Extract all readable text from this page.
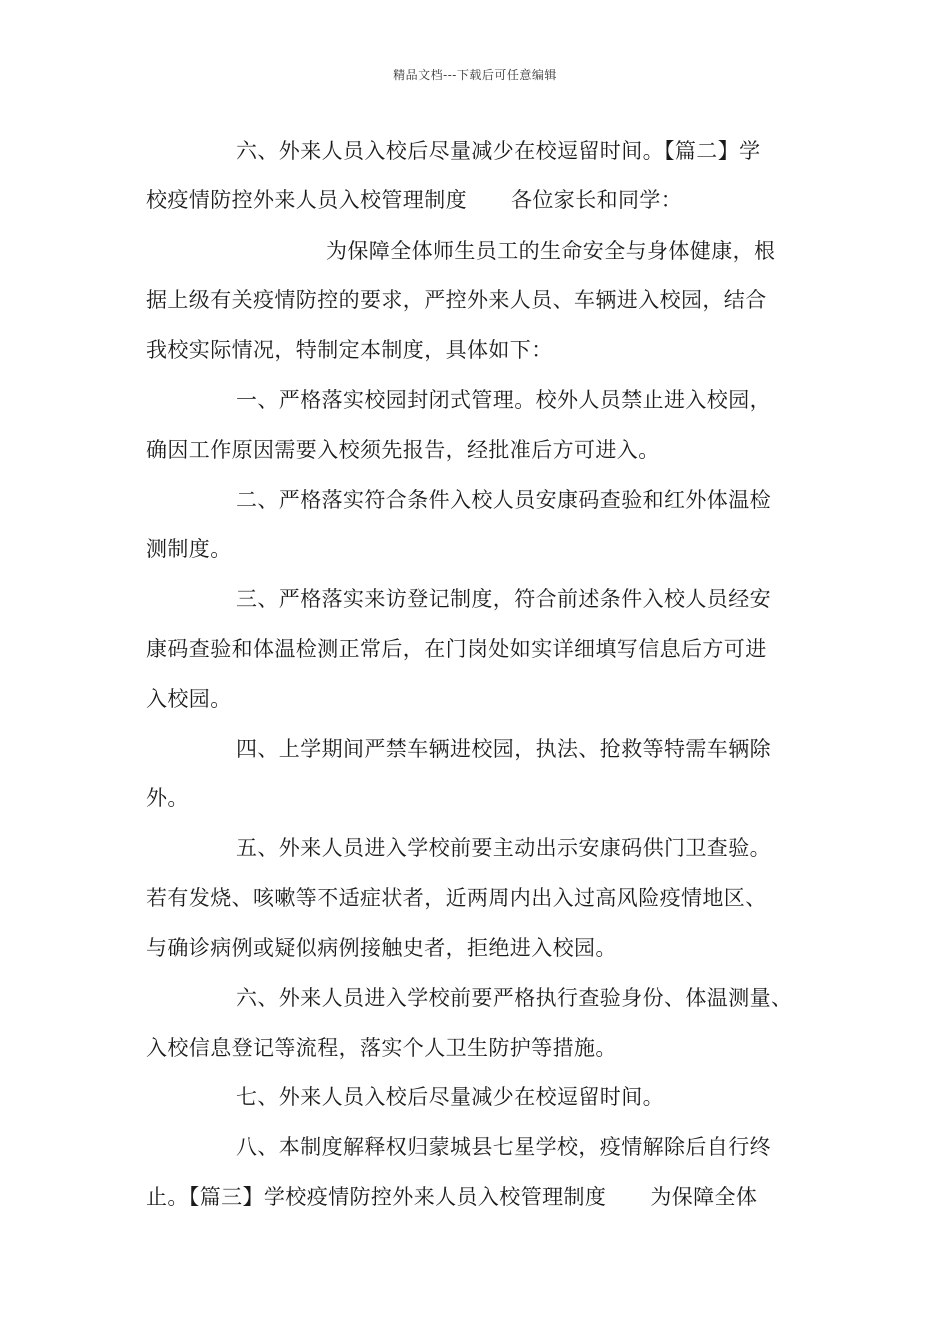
精品文档---下载后可任意编辑
六、外来人员入校后尽量减少在校逗留时间。【篇二】学
校疫情防控外来人员入校管理制度 各位家长和同学：
为保障全体师生员工的生命安全与身体健康，根
据上级有关疫情防控的要求，严控外来人员、车辆进入校园，结合
我校实际情况，特制定本制度，具体如下：
一、严格落实校园封闭式管理。校外人员禁止进入校园，
确因工作原因需要入校须先报告，经批准后方可进入。
二、严格落实符合条件入校人员安康码查验和红外体温检
测制度。
三、严格落实来访登记制度，符合前述条件入校人员经安
康码查验和体温检测正常后，在门岗处如实详细填写信息后方可进
入校园。
四、上学期间严禁车辆进校园，执法、抢救等特需车辆除
外。
五、外来人员进入学校前要主动出示安康码供门卫查验。
若有发烧、咳嗽等不适症状者，近两周内出入过高风险疫情地区、
与确诊病例或疑似病例接触史者，拒绝进入校园。
六、外来人员进入学校前要严格执行查验身份、体温测量、
入校信息登记等流程，落实个人卫生防护等措施。
七、外来人员入校后尽量减少在校逗留时间。
八、本制度解释权归蒙城县七星学校，疫情解除后自行终
止。【篇三】学校疫情防控外来人员入校管理制度 为保障全体
